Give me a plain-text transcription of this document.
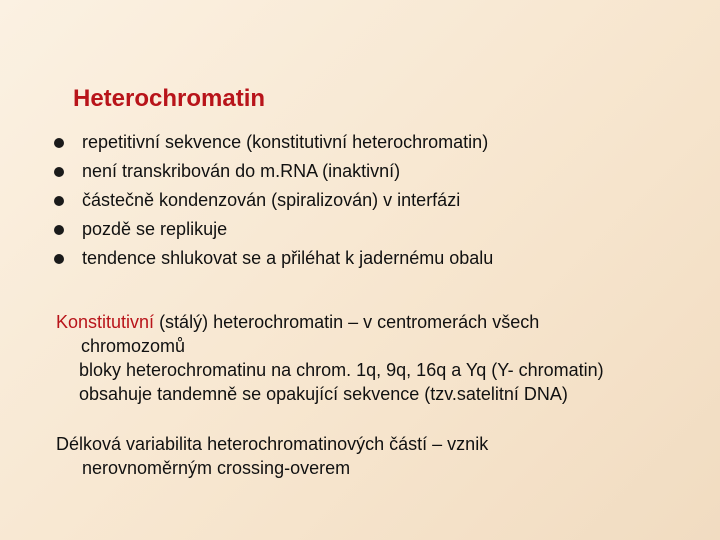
Heterochromatin
repetitivní sekvence (konstitutivní heterochromatin)
není transkribován do m.RNA (inaktivní)
částečně kondenzován (spiralizován) v interfázi
pozdě se replikuje
tendence shlukovat se a přiléhat k jadernému obalu
Konstitutivní (stálý) heterochromatin – v centromerách všech
chromozomů
bloky heterochromatinu na chrom. 1q, 9q, 16q a Yq (Y- chromatin)
obsahuje tandemně se opakující sekvence (tzv.satelitní DNA)
Délková variabilita heterochromatinových částí – vznik
nerovnoměrným crossing-overem
